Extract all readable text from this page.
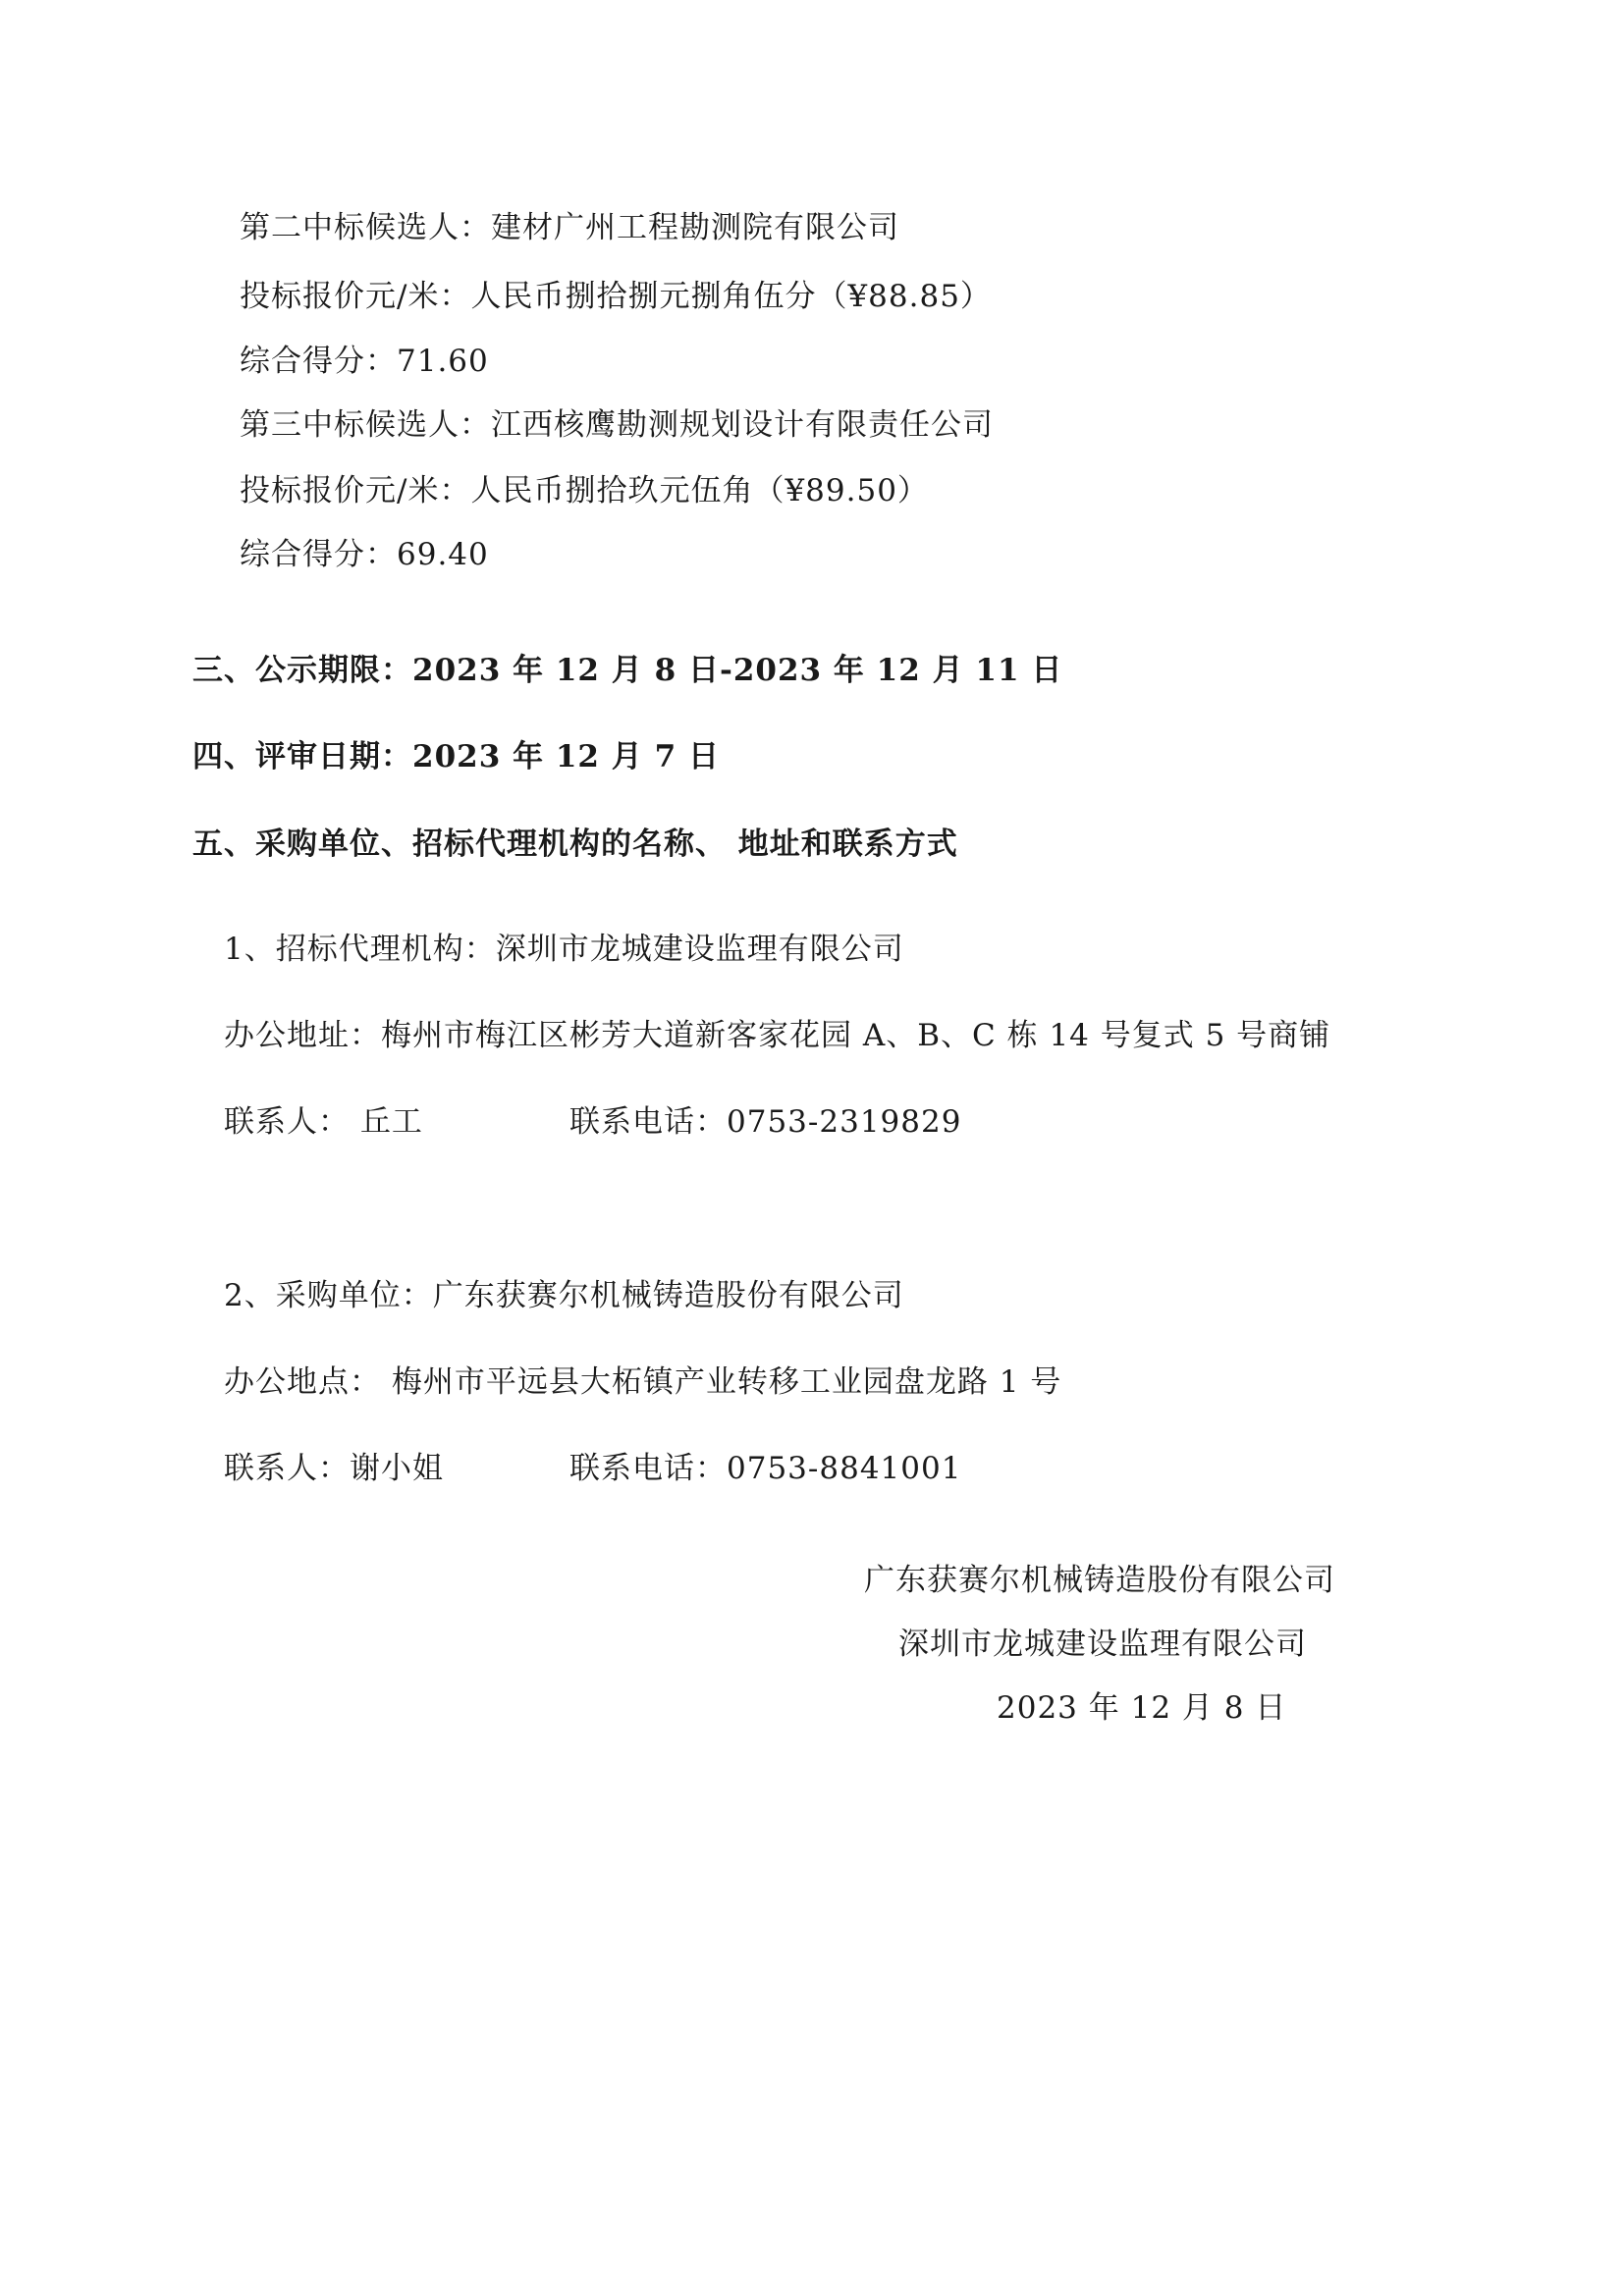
第二中标候选人：建材广州工程勘测院有限公司
投标报价元/米：人民币捌拾捌元捌角伍分（¥88.85）
综合得分：71.60
第三中标候选人：江西核鹰勘测规划设计有限责任公司
投标报价元/米：人民币捌拾玖元伍角（¥89.50）
综合得分：69.40
三、公示期限：2023 年 12 月 8 日-2023 年 12 月 11 日
四、评审日期：2023 年 12 月 7 日
五、采购单位、招标代理机构的名称、 地址和联系方式
1、招标代理机构：深圳市龙城建设监理有限公司
办公地址：梅州市梅江区彬芳大道新客家花园 A、B、C 栋 14 号复式 5 号商铺
联系人： 丘工	联系电话：0753-2319829
2、采购单位：广东获赛尔机械铸造股份有限公司
办公地点： 梅州市平远县大柘镇产业转移工业园盘龙路 1 号
联系人：谢小姐	联系电话：0753-8841001
广东获赛尔机械铸造股份有限公司
深圳市龙城建设监理有限公司
2023 年 12 月 8 日
